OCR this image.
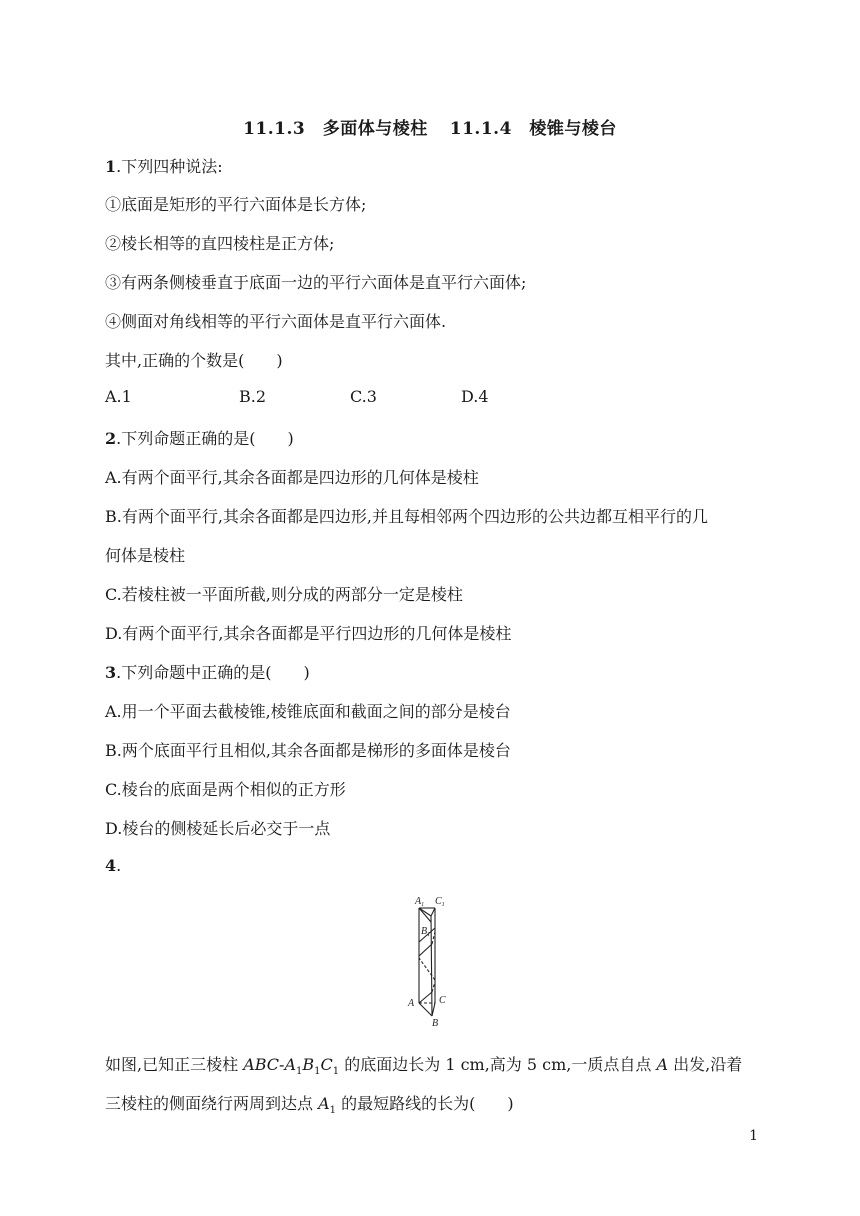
11.1.3　多面体与棱柱 11.1.4　棱锥与棱台
1.下列四种说法:
①底面是矩形的平行六面体是长方体;
②棱长相等的直四棱柱是正方体;
③有两条侧棱垂直于底面一边的平行六面体是直平行六面体;
④侧面对角线相等的平行六面体是直平行六面体.
其中,正确的个数是(　　)
A.1	B.2	C.3	D.4
2.下列命题正确的是(　　)
A.有两个面平行,其余各面都是四边形的几何体是棱柱
B.有两个面平行,其余各面都是四边形,并且每相邻两个四边形的公共边都互相平行的几
何体是棱柱
C.若棱柱被一平面所截,则分成的两部分一定是棱柱
D.有两个面平行,其余各面都是平行四边形的几何体是棱柱
3.下列命题中正确的是(　　)
A.用一个平面去截棱锥,棱锥底面和截面之间的部分是棱台
B.两个底面平行且相似,其余各面都是梯形的多面体是棱台
C.棱台的底面是两个相似的正方形
D.棱台的侧棱延长后必交于一点
4.
$A_1$ $C_1$
$B_1$
A C
B
如图,已知正三棱柱 ABC-$A_1B_1C_1$ 的底面边长为 1 cm,高为 5 cm,一质点自点 A 出发,沿着
三棱柱的侧面绕行两周到达点 $A_1$ 的最短路线的长为(　　)
1
